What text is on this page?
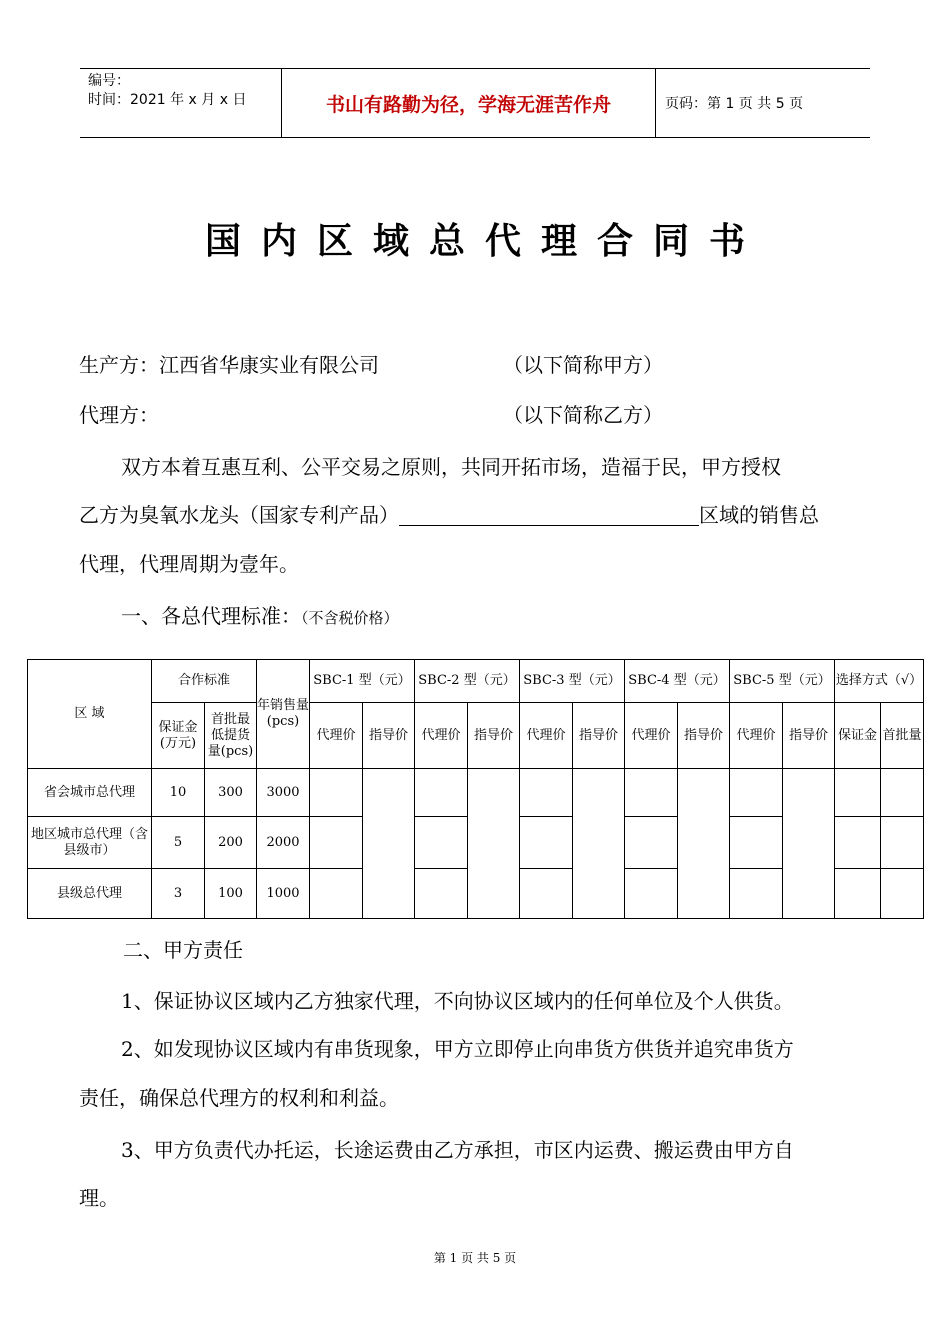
编号：
时间：2021 年 x 月 x 日	书山有路勤为径，学海无涯苦作舟	页码：第 1 页 共 5 页
国内区域总代理合同书
生产方：江西省华康实业有限公司	（以下简称甲方）
代理方：	（以下简称乙方）
双方本着互惠互利、公平交易之原则，共同开拓市场，造福于民，甲方授权
乙方为臭氧水龙头（国家专利产品）	区域的销售总
代理，代理周期为壹年。
一、各总代理标准：（不含税价格）
区 域	合作标准		年销售量(pcs)	SBC-1 型（元）		SBC-2 型（元）		SBC-3 型（元）		SBC-4 型（元）		SBC-5 型（元）		选择方式（√）	
	保证金(万元)	首批最低提货量(pcs)		代理价	指导价	代理价	指导价	代理价	指导价	代理价	指导价	代理价	指导价	保证金	首批量
省会城市总代理	10	300	3000												
地区城市总代理（含县级市）	5	200	2000												
县级总代理	3	100	1000												
二、甲方责任
1、保证协议区域内乙方独家代理，不向协议区域内的任何单位及个人供货。
2、如发现协议区域内有串货现象，甲方立即停止向串货方供货并追究串货方
责任，确保总代理方的权利和利益。
3、甲方负责代办托运，长途运费由乙方承担，市区内运费、搬运费由甲方自
理。
第 1 页 共 5 页
